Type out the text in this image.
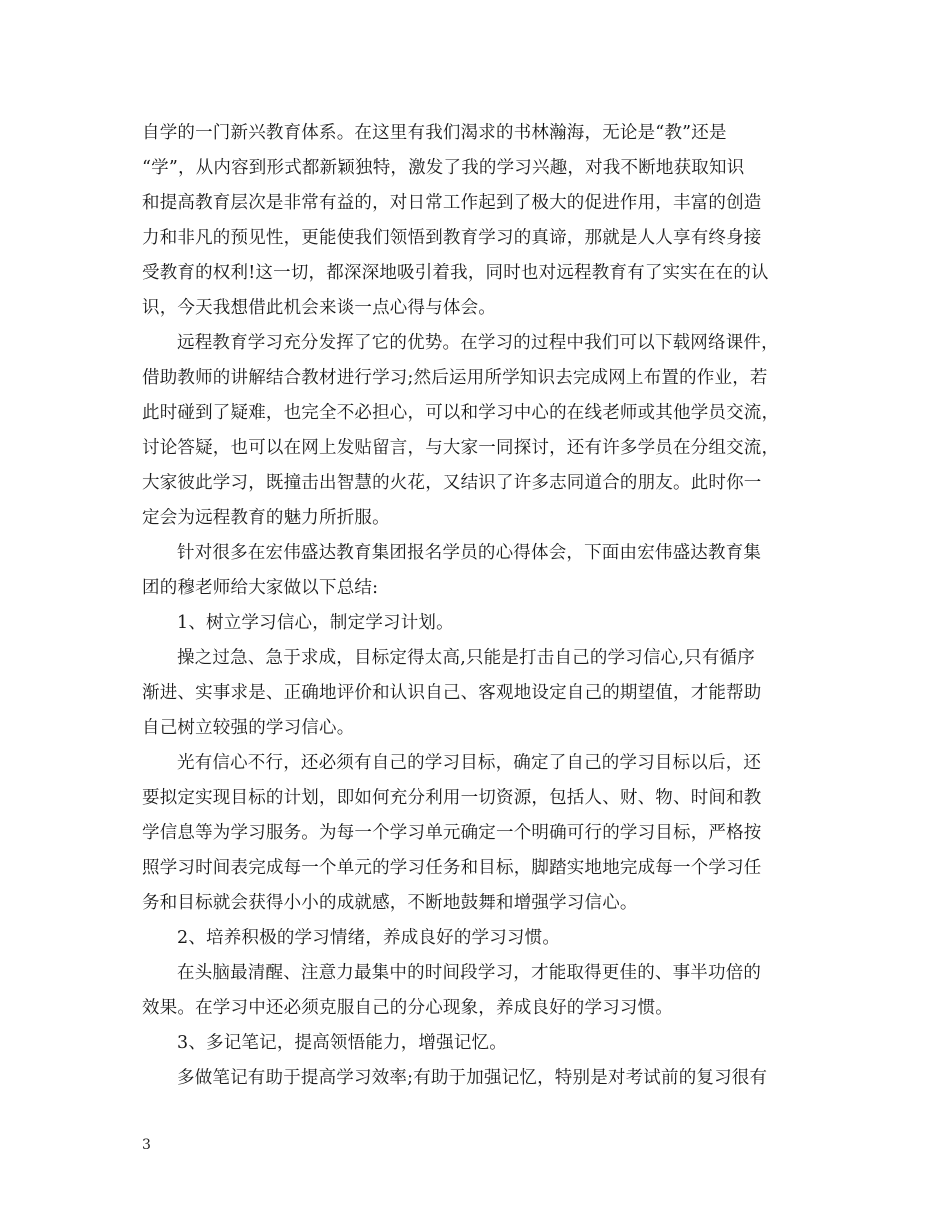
自学的一门新兴教育体系。在这里有我们渴求的书林瀚海，无论是“教”还是
“学”，从内容到形式都新颖独特，激发了我的学习兴趣，对我不断地获取知识
和提高教育层次是非常有益的，对日常工作起到了极大的促进作用，丰富的创造
力和非凡的预见性，更能使我们领悟到教育学习的真谛，那就是人人享有终身接
受教育的权利!这一切，都深深地吸引着我，同时也对远程教育有了实实在在的认
识，今天我想借此机会来谈一点心得与体会。
远程教育学习充分发挥了它的优势。在学习的过程中我们可以下载网络课件，
借助教师的讲解结合教材进行学习;然后运用所学知识去完成网上布置的作业，若
此时碰到了疑难，也完全不必担心，可以和学习中心的在线老师或其他学员交流，
讨论答疑，也可以在网上发贴留言，与大家一同探讨，还有许多学员在分组交流，
大家彼此学习，既撞击出智慧的火花，又结识了许多志同道合的朋友。此时你一
定会为远程教育的魅力所折服。
针对很多在宏伟盛达教育集团报名学员的心得体会，下面由宏伟盛达教育集
团的穆老师给大家做以下总结:
1、树立学习信心，制定学习计划。
操之过急、急于求成，目标定得太高,只能是打击自己的学习信心,只有循序
渐进、实事求是、正确地评价和认识自己、客观地设定自己的期望值，才能帮助
自己树立较强的学习信心。
光有信心不行，还必须有自己的学习目标，确定了自己的学习目标以后，还
要拟定实现目标的计划，即如何充分利用一切资源，包括人、财、物、时间和教
学信息等为学习服务。为每一个学习单元确定一个明确可行的学习目标，严格按
照学习时间表完成每一个单元的学习任务和目标，脚踏实地地完成每一个学习任
务和目标就会获得小小的成就感，不断地鼓舞和增强学习信心。
2、培养积极的学习情绪，养成良好的学习习惯。
在头脑最清醒、注意力最集中的时间段学习，才能取得更佳的、事半功倍的
效果。在学习中还必须克服自己的分心现象，养成良好的学习习惯。
3、多记笔记，提高领悟能力，增强记忆。
多做笔记有助于提高学习效率;有助于加强记忆，特别是对考试前的复习很有
3
